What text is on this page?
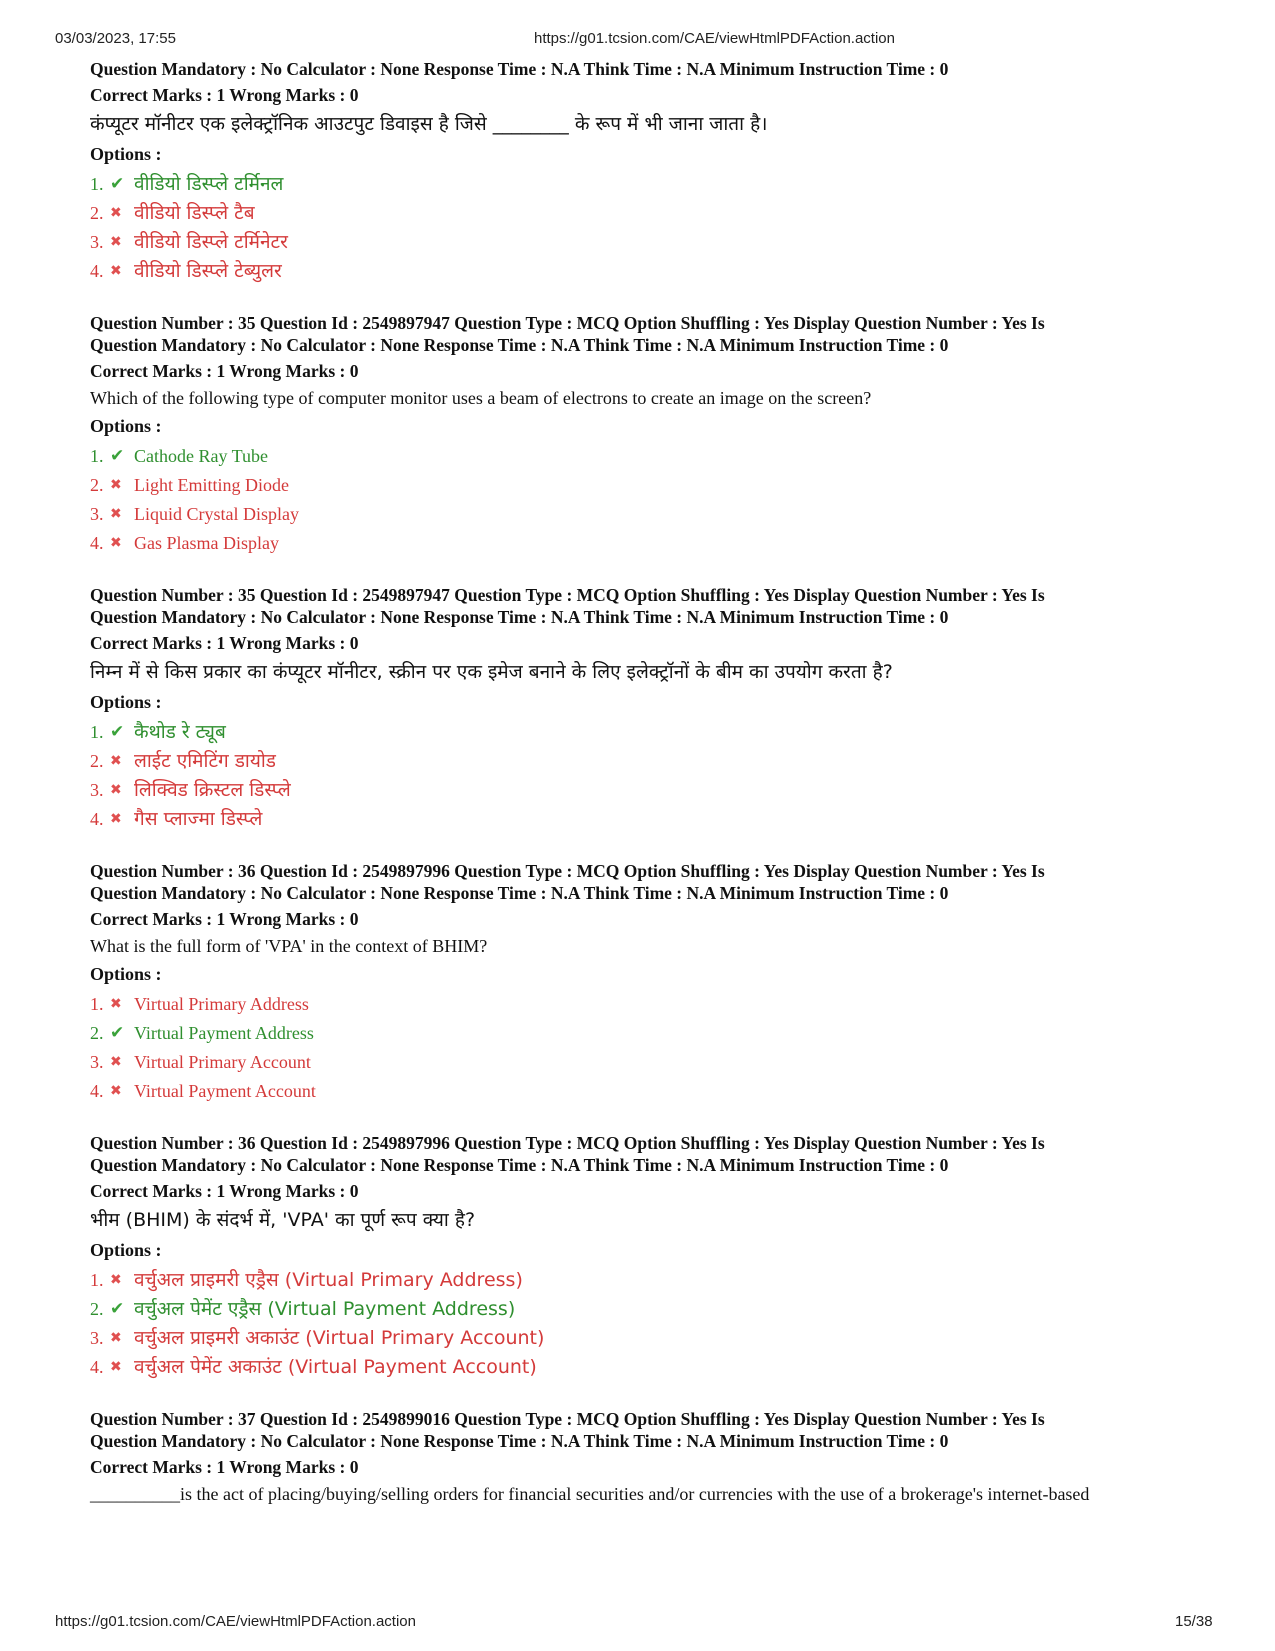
03/03/2023, 17:55	https://g01.tcsion.com/CAE/viewHtmlPDFAction.action

Question Mandatory : No Calculator : None Response Time : N.A Think Time : N.A Minimum Instruction Time : 0

Correct Marks : 1 Wrong Marks : 0

कंप्यूटर मॉनीटर एक इलेक्ट्रॉनिक आउटपुट डिवाइस है जिसे ________ के रूप में भी जाना जाता है।

Options :

1. ✔ वीडियो डिस्प्ले टर्मिनल
2. ✖ वीडियो डिस्प्ले टैब
3. ✖ वीडियो डिस्प्ले टर्मिनेटर
4. ✖ वीडियो डिस्प्ले टेब्युलर

Question Number : 35 Question Id : 2549897947 Question Type : MCQ Option Shuffling : Yes Display Question Number : Yes Is

Question Mandatory : No Calculator : None Response Time : N.A Think Time : N.A Minimum Instruction Time : 0

Correct Marks : 1 Wrong Marks : 0

Which of the following type of computer monitor uses a beam of electrons to create an image on the screen?

Options :

1. ✔ Cathode Ray Tube
2. ✖ Light Emitting Diode
3. ✖ Liquid Crystal Display
4. ✖ Gas Plasma Display

Question Number : 35 Question Id : 2549897947 Question Type : MCQ Option Shuffling : Yes Display Question Number : Yes Is

Question Mandatory : No Calculator : None Response Time : N.A Think Time : N.A Minimum Instruction Time : 0

Correct Marks : 1 Wrong Marks : 0

निम्न में से किस प्रकार का कंप्यूटर मॉनीटर, स्क्रीन पर एक इमेज बनाने के लिए इलेक्ट्रॉनों के बीम का उपयोग करता है?

Options :

1. ✔ कैथोड रे ट्यूब
2. ✖ लाईट एमिटिंग डायोड
3. ✖ लिक्विड क्रिस्टल डिस्प्ले
4. ✖ गैस प्लाज्मा डिस्प्ले

Question Number : 36 Question Id : 2549897996 Question Type : MCQ Option Shuffling : Yes Display Question Number : Yes Is

Question Mandatory : No Calculator : None Response Time : N.A Think Time : N.A Minimum Instruction Time : 0

Correct Marks : 1 Wrong Marks : 0

What is the full form of 'VPA' in the context of BHIM?

Options :

1. ✖ Virtual Primary Address
2. ✔ Virtual Payment Address
3. ✖ Virtual Primary Account
4. ✖ Virtual Payment Account

Question Number : 36 Question Id : 2549897996 Question Type : MCQ Option Shuffling : Yes Display Question Number : Yes Is

Question Mandatory : No Calculator : None Response Time : N.A Think Time : N.A Minimum Instruction Time : 0

Correct Marks : 1 Wrong Marks : 0

भीम (BHIM) के संदर्भ में, 'VPA' का पूर्ण रूप क्या है?

Options :

1. ✖ वर्चुअल प्राइमरी एड्रैस (Virtual Primary Address)
2. ✔ वर्चुअल पेमेंट एड्रैस (Virtual Payment Address)
3. ✖ वर्चुअल प्राइमरी अकाउंट (Virtual Primary Account)
4. ✖ वर्चुअल पेमेंट अकाउंट (Virtual Payment Account)

Question Number : 37 Question Id : 2549899016 Question Type : MCQ Option Shuffling : Yes Display Question Number : Yes Is

Question Mandatory : No Calculator : None Response Time : N.A Think Time : N.A Minimum Instruction Time : 0

Correct Marks : 1 Wrong Marks : 0

__________is the act of placing/buying/selling orders for financial securities and/or currencies with the use of a brokerage's internet-based

https://g01.tcsion.com/CAE/viewHtmlPDFAction.action	15/38
